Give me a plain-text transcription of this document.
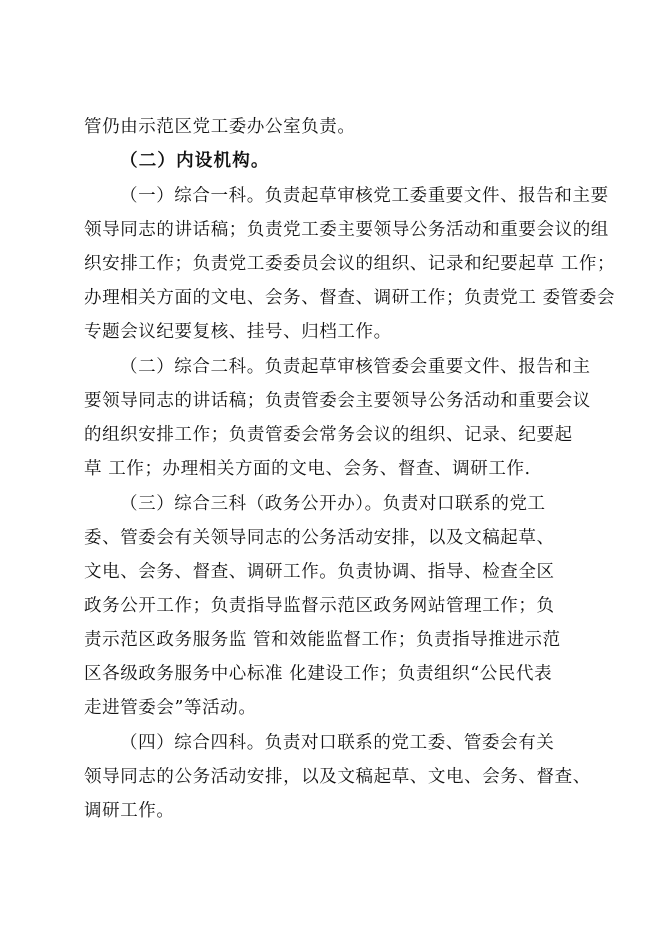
管仍由示范区党工委办公室负责。
（二）内设机构。
（一）综合一科。负责起草审核党工委重要文件、报告和主要
领导同志的讲话稿；负责党工委主要领导公务活动和重要会议的组
织安排工作；负责党工委委员会议的组织、记录和纪要起草 工作；
办理相关方面的文电、会务、督查、调研工作；负责党工 委管委会
专题会议纪要复核、挂号、归档工作。
（二）综合二科。负责起草审核管委会重要文件、报告和主
要领导同志的讲话稿；负责管委会主要领导公务活动和重要会议
的组织安排工作；负责管委会常务会议的组织、记录、纪要起
草 工作；办理相关方面的文电、会务、督查、调研工作.
（三）综合三科（政务公开办）。负责对口联系的党工
委、管委会有关领导同志的公务活动安排，以及文稿起草、
文电、会务、督查、调研工作。负责协调、指导、检查全区
政务公开工作；负责指导监督示范区政务网站管理工作；负
责示范区政务服务监 管和效能监督工作；负责指导推进示范
区各级政务服务中心标准 化建设工作；负责组织“公民代表
走进管委会”等活动。
（四）综合四科。负责对口联系的党工委、管委会有关
领导同志的公务活动安排，以及文稿起草、文电、会务、督查、
调研工作。
